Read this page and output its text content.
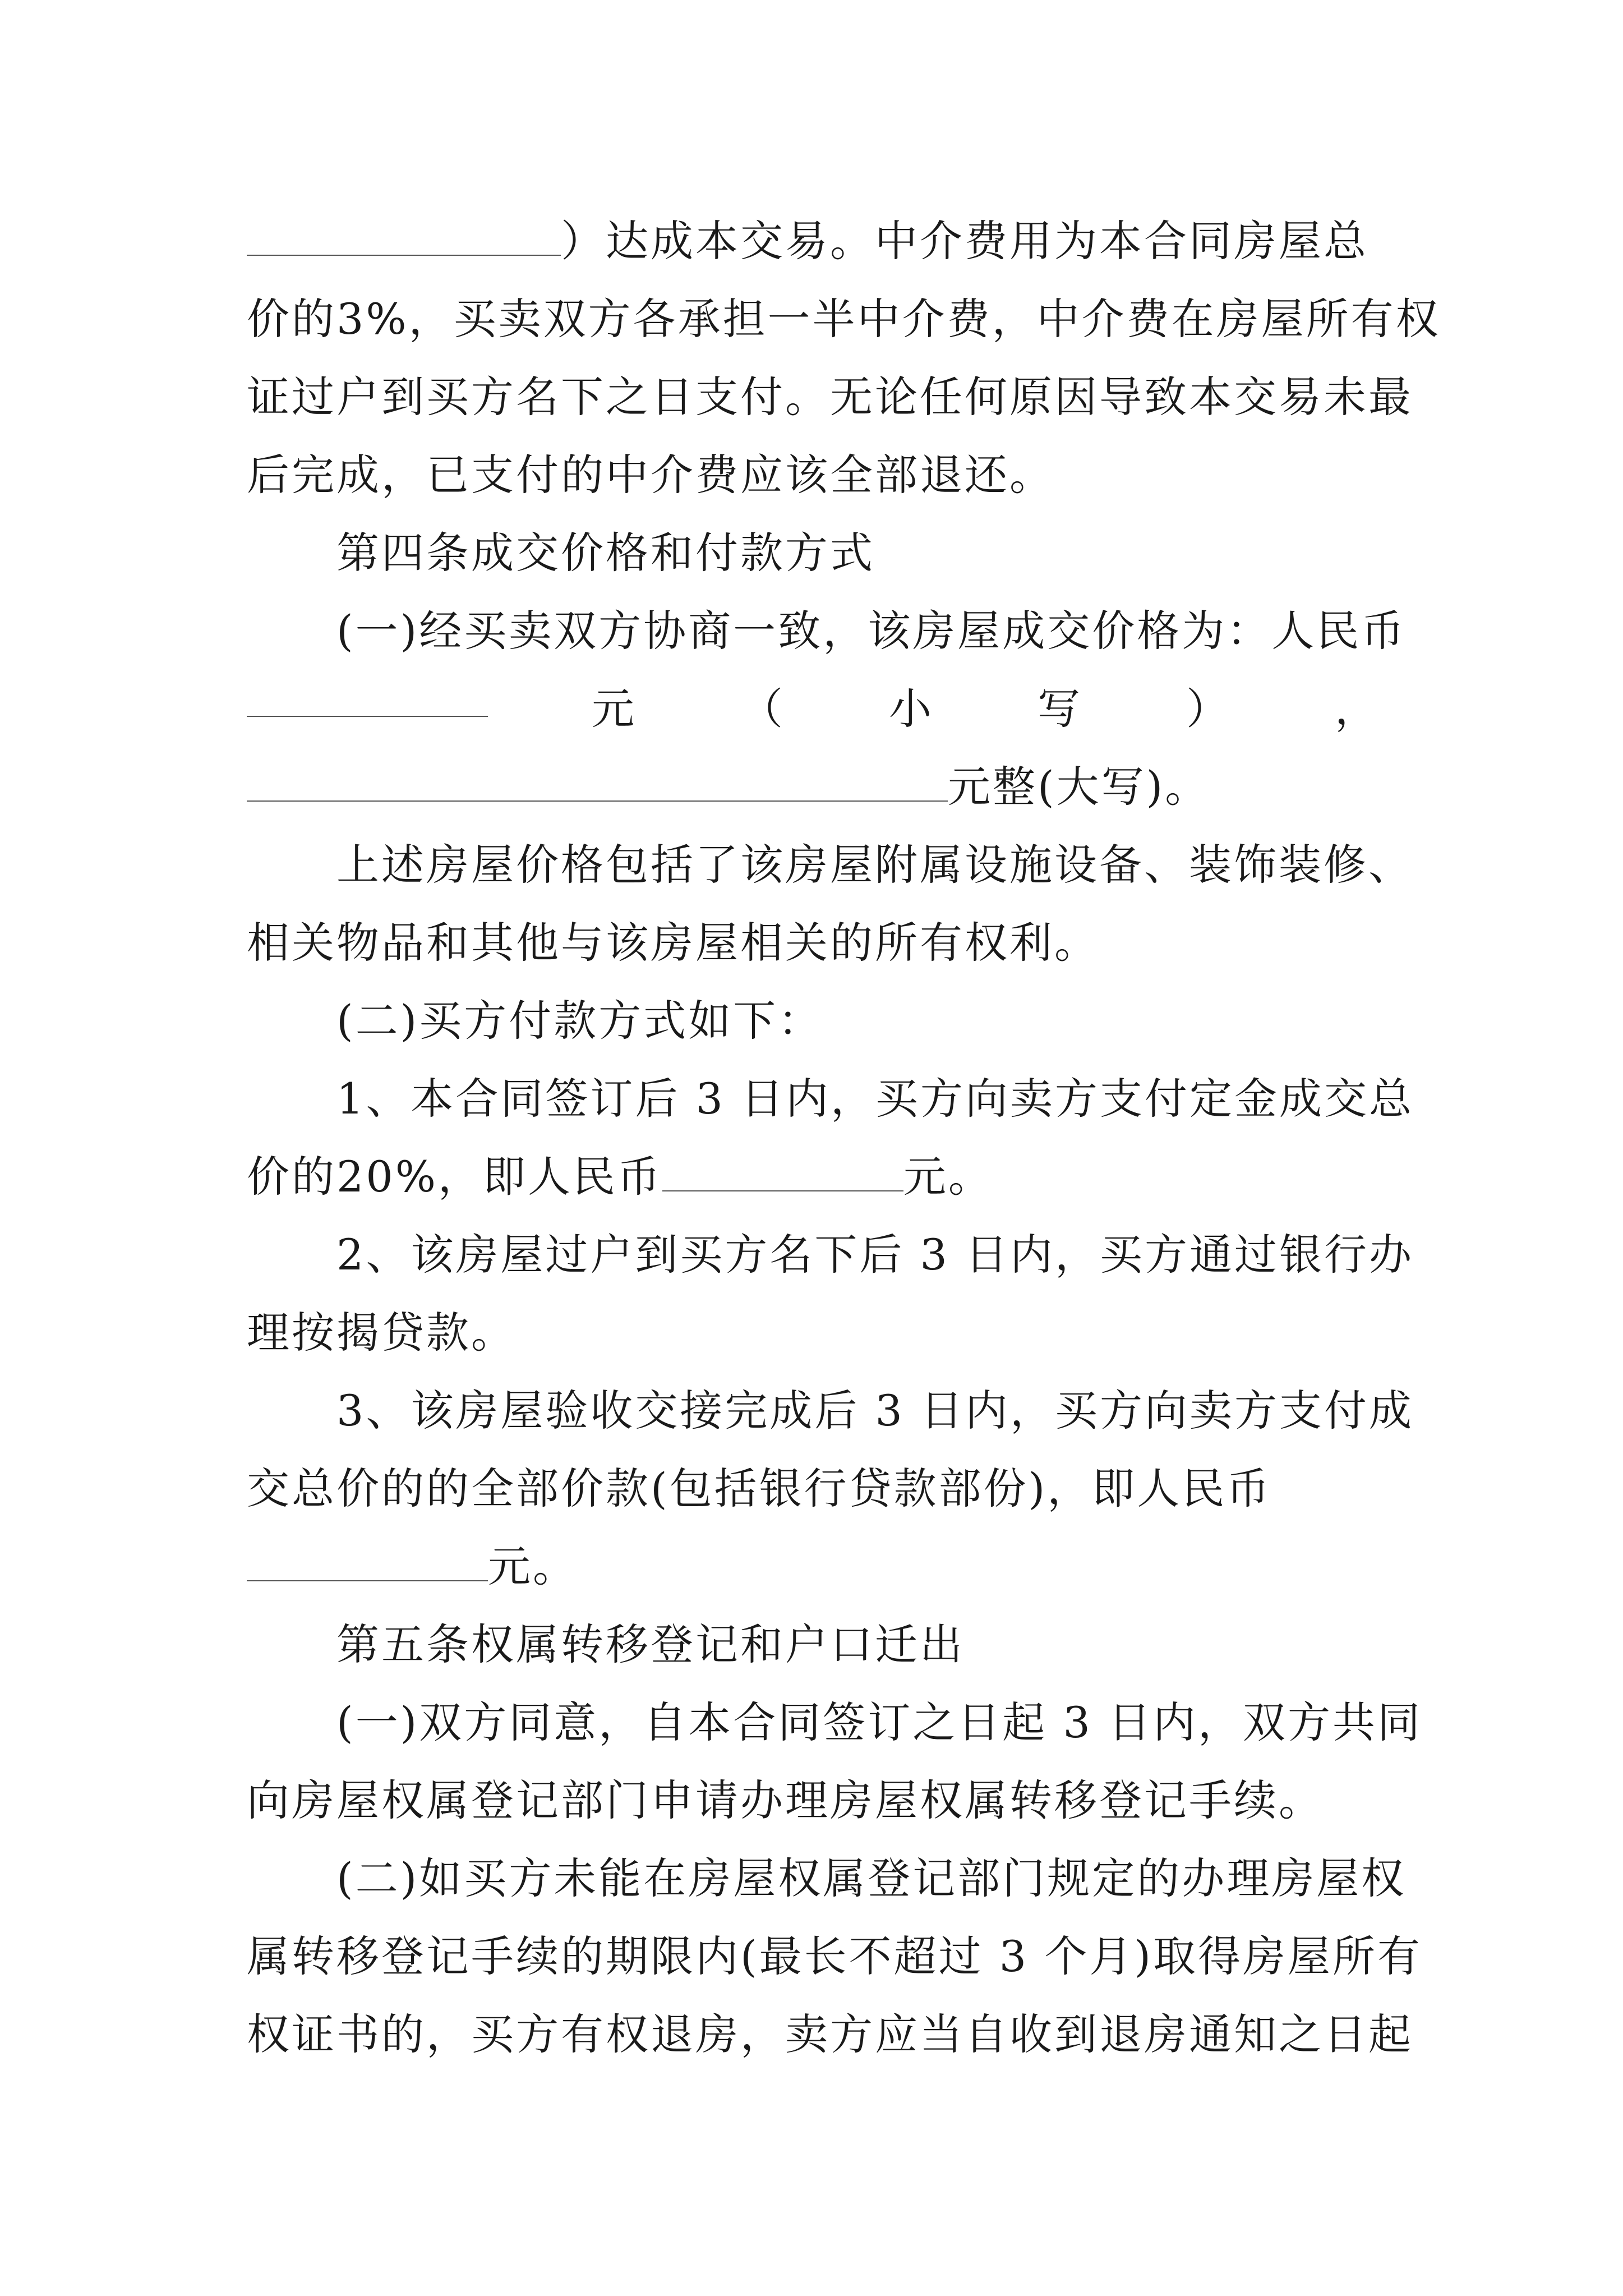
）达成本交易。中介费用为本合同房屋总
价的3%，买卖双方各承担一半中介费，中介费在房屋所有权
证过户到买方名下之日支付。无论任何原因导致本交易未最
后完成，已支付的中介费应该全部退还。
第四条成交价格和付款方式
(一)经买卖双方协商一致，该房屋成交价格为：人民币
元 （ 小 写 ） ，
元整(大写)。
上述房屋价格包括了该房屋附属设施设备、装饰装修、
相关物品和其他与该房屋相关的所有权利。
(二)买方付款方式如下：
1、本合同签订后 3 日内，买方向卖方支付定金成交总
价的20%，即人民币	元。
2、该房屋过户到买方名下后 3 日内，买方通过银行办
理按揭贷款。
3、该房屋验收交接完成后 3 日内，买方向卖方支付成
交总价的的全部价款(包括银行贷款部份)，即人民币
元。
第五条权属转移登记和户口迁出
(一)双方同意，自本合同签订之日起 3 日内，双方共同
向房屋权属登记部门申请办理房屋权属转移登记手续。
(二)如买方未能在房屋权属登记部门规定的办理房屋权
属转移登记手续的期限内(最长不超过 3 个月)取得房屋所有
权证书的，买方有权退房，卖方应当自收到退房通知之日起
